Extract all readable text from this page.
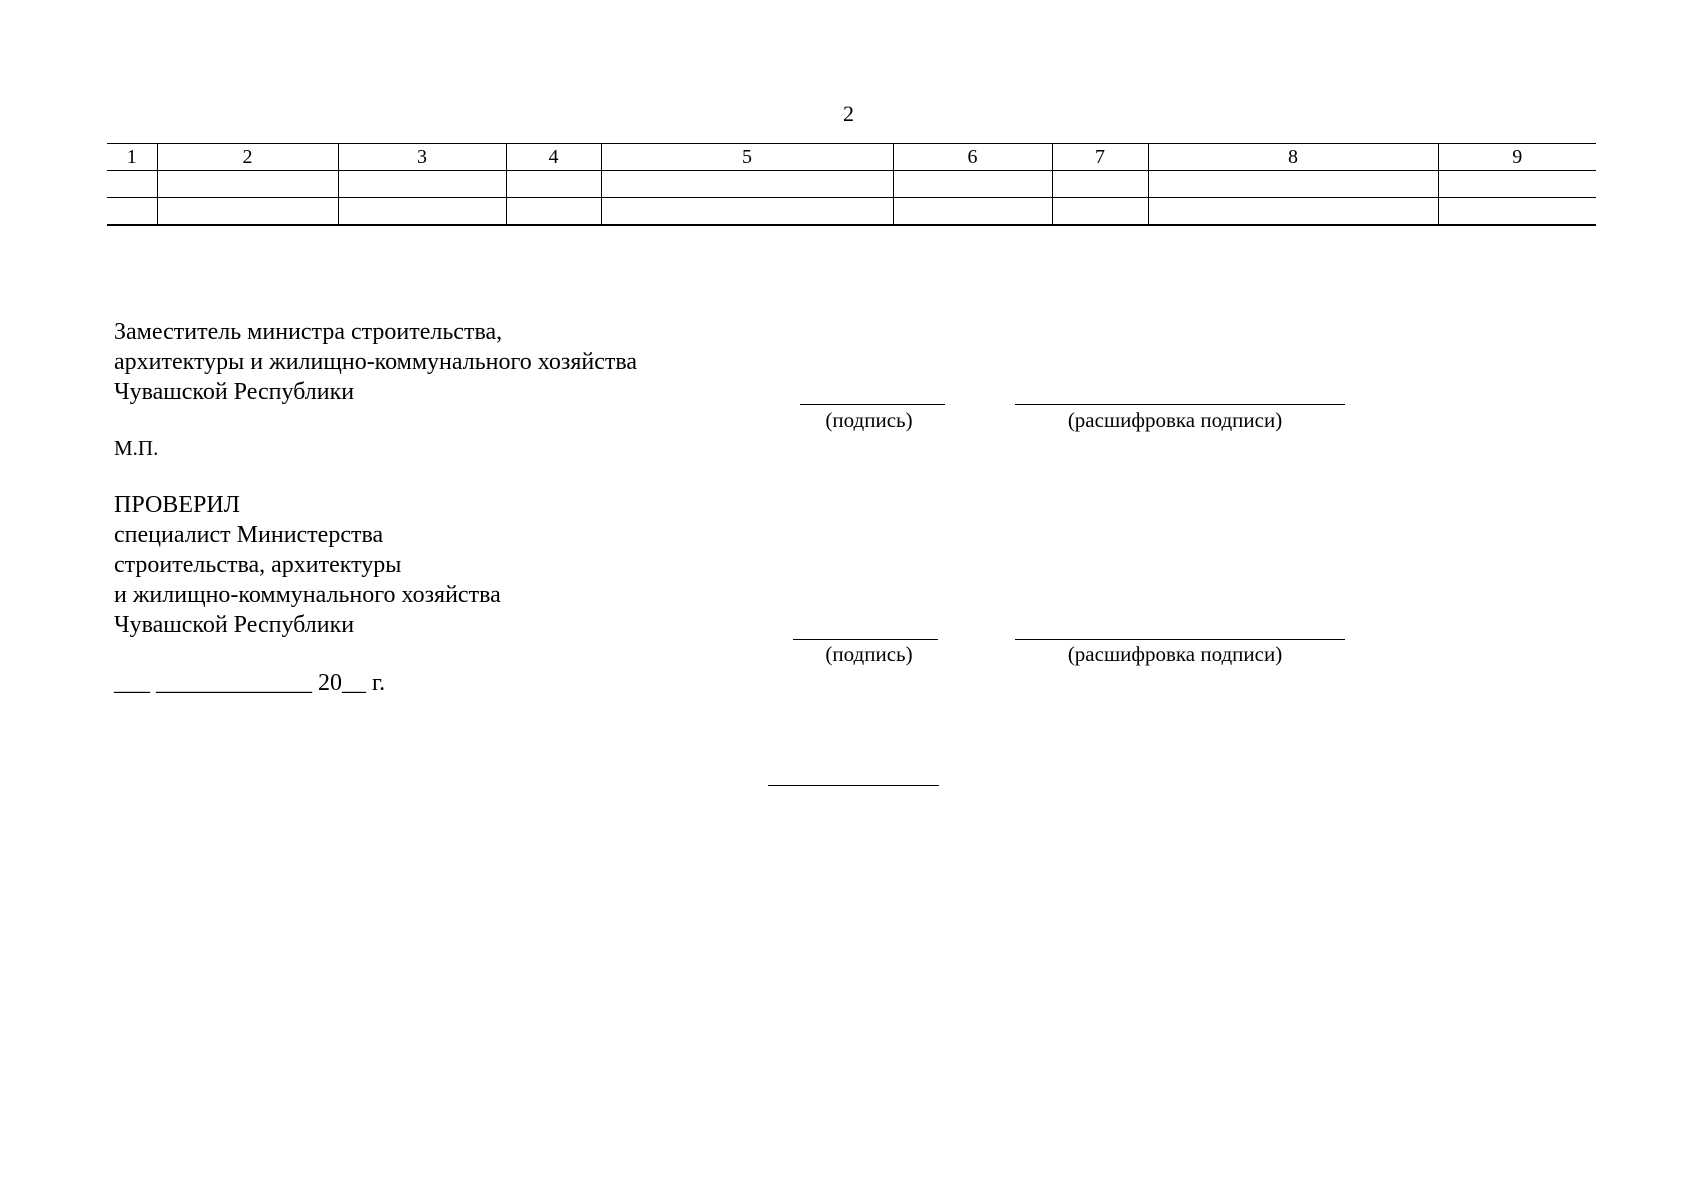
2
1	2	3	4	5	6	7	8	9

Заместитель министра строительства,
архитектуры и жилищно-коммунального хозяйства
Чувашской Республики
(подпись)	(расшифровка подписи)
М.П.
ПРОВЕРИЛ
специалист Министерства
строительства, архитектуры
и жилищно-коммунального хозяйства
Чувашской Республики
(подпись)	(расшифровка подписи)
___ _____________ 20__ г.
